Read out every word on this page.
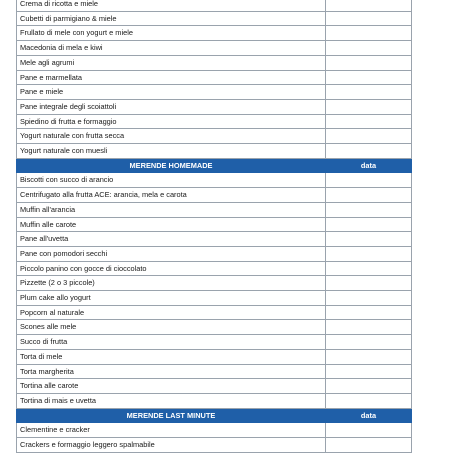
Crema di ricotta e miele	
Cubetti di parmigiano & miele	
Frullato di mele con yogurt e miele	
Macedonia di mela e kiwi	
Mele agli agrumi	
Pane e marmellata	
Pane e miele	
Pane integrale degli scoiattoli	
Spiedino di frutta e formaggio	
Yogurt naturale con frutta secca	
Yogurt naturale con muesli	
MERENDE HOMEMADE	data
Biscotti con succo di arancio	
Centrifugato alla frutta ACE: arancia, mela e carota	
Muffin all'arancia	
Muffin alle carote	
Pane all'uvetta	
Pane con pomodori secchi	
Piccolo panino con gocce di cioccolato	
Pizzette (2 o 3 piccole)	
Plum cake allo yogurt	
Popcorn al naturale	
Scones alle mele	
Succo di frutta	
Torta di mele	
Torta margherita	
Tortina alle carote	
Tortina di mais e uvetta	
MERENDE LAST MINUTE	data
Clementine e cracker	
Crackers e formaggio leggero spalmabile	
